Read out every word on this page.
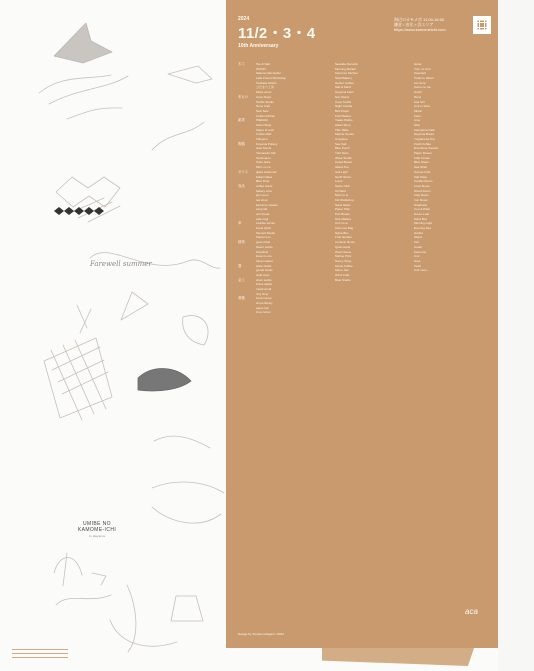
Farewell summer
UMIBE NO
KAMOME-ICHI
in Hayama
2024
11/2・3・4
10th Anniversary
海辺のカモメ市 11:00-16:00
鎌倉 / 由比ヶ浜エリア
https://www.kamomeichi.com
木工	Tee & Salt
WOOD
Sakura Oak Atelier
Little Forest Workshop
Tsubasa Works
ひだまり工房
Muku wood
布もの	Linen Days
Textile Studio
Nuno craft
Sew Sew
Cotton kitchen
雑貨	PIEDAM
Kioku Shop
Paper & Leaf
Umibe Mart
Tidepool
陶器	Koyama Pottery
Awa Tsuchi
Yamaneko Kiln
Soramame
Kobo Hara
Mizu no ne
ガラス	glass works kai
Hikari Glass
Blue Drop
食品	coffee stand
bakery sora
jam room
tea shop
kamome sweets
soup lab
umi bread
cafe nagi
革	Leather works
Hand stitch
Tanned Studio
Kawa no ie
植物	green field
flower works
botanical
kusa no oto
hana market
器	plate studio
gentle bowls
tsuki cups
金工	silver works
brass atelier
metal small
ring shop
書籍	book house
shore library
paper lab
zine corner
Seaside Records
Morning Market
Kamome Kitchen
Shell Bakery
Harbor Coffee
Salt & Sand
Hayama Farm
Sun Stand
Cove Textile
Night Candle
Bird Paper
Fish Market
Yoake Works
Hikari Shop
Tide Table
Marine Goods
Umigame
Sea Salt
Blue Porch
Yuhi Store
Wave Studio
Coast Bread
Island Tea
Soft Light
North Shore
Lotus
Stone Club
Orchard
Mori no ie
Kiri Workshop
Sand Glass
Paper Ship
Port Books
Tote Market
Umi no ie
Kamome Bag
Spice Box
Fruit Garden
Ceramic Room
Quiet Hand
Wool House
Marine Print
Sunny Shop
Hama Coffee
Moon Jam
Wind Craft
Boat Studio
Hana
Yoru no Umi
Seashell
Tsuki no Hikari
Aoi Sora
Kumo no Ue
Hoshi
Nami
Asa Ichi
Umi to Sora
Midori
Kaze
Ame
Shio
Kamakura Cafe
Hayama Bread
Yuigahama Tea
Zushi Coffee
Enoshima Sweets
Paper Flower
Little Ocean
Blue Glass
Sea Shell
Sunset Club
Salt Shop
Candle Room
Linen Room
Wood Room
Clay Room
Iron Room
Notebook
Cup & Plate
Green Leaf
Sand Box
Morning Light
Evening Sea
Harbor
Island
Pier
Coast
Kamome
Umi
Sora
Tsuki
And more...
aca
Design by Tomoko Ishigami / 2024
